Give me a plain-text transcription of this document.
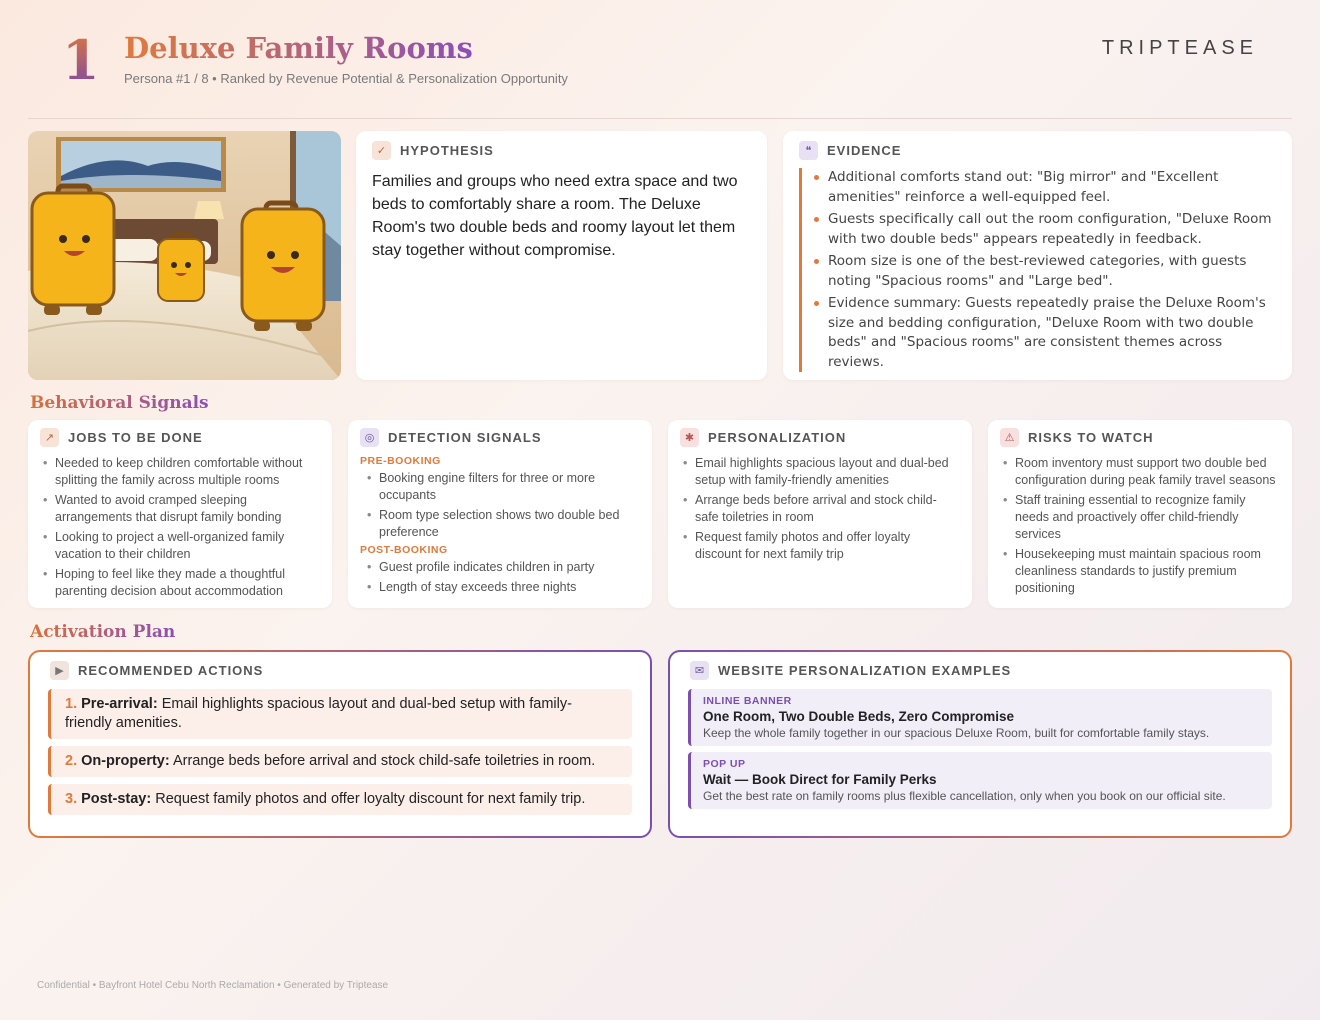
1 Deluxe Family Rooms
Persona #1 / 8 • Ranked by Revenue Potential & Personalization Opportunity
TRIPTEASE
✓	HYPOTHESIS

Families and groups who need extra space and two beds to comfortably share a room. The Deluxe Room's two double beds and roomy layout let them stay together without compromise.

❝	EVIDENCE
Additional comforts stand out: "Big mirror" and "Excellent amenities" reinforce a well-equipped feel.
Guests specifically call out the room configuration, "Deluxe Room with two double beds" appears repeatedly in feedback.
Room size is one of the best-reviewed categories, with guests noting "Spacious rooms" and "Large bed".
Evidence summary: Guests repeatedly praise the Deluxe Room's size and bedding configuration, "Deluxe Room with two double beds" and "Spacious rooms" are consistent themes across reviews.
Behavioral Signals
↗	JOBS TO BE DONE
• Needed to keep children comfortable without splitting the family across multiple rooms
• Wanted to avoid cramped sleeping arrangements that disrupt family bonding
• Looking to project a well-organized family vacation to their children
• Hoping to feel like they made a thoughtful parenting decision about accommodation
◎	DETECTION SIGNALS
PRE-BOOKING
• Booking engine filters for three or more occupants
• Room type selection shows two double bed preference
POST-BOOKING
• Guest profile indicates children in party
• Length of stay exceeds three nights
✱	PERSONALIZATION
• Email highlights spacious layout and dual-bed setup with family-friendly amenities
• Arrange beds before arrival and stock child-safe toiletries in room
• Request family photos and offer loyalty discount for next family trip
⚠	RISKS TO WATCH
• Room inventory must support two double bed configuration during peak family travel seasons
• Staff training essential to recognize family needs and proactively offer child-friendly services
• Housekeeping must maintain spacious room cleanliness standards to justify premium positioning
Activation Plan
▶	RECOMMENDED ACTIONS
1. Pre-arrival: Email highlights spacious layout and dual-bed setup with family-friendly amenities.
2. On-property: Arrange beds before arrival and stock child-safe toiletries in room.
3. Post-stay: Request family photos and offer loyalty discount for next family trip.
✉	WEBSITE PERSONALIZATION EXAMPLES
INLINE BANNER
One Room, Two Double Beds, Zero Compromise
Keep the whole family together in our spacious Deluxe Room, built for comfortable family stays.
POP UP
Wait — Book Direct for Family Perks
Get the best rate on family rooms plus flexible cancellation, only when you book on our official site.
Confidential • Bayfront Hotel Cebu North Reclamation • Generated by Triptease
